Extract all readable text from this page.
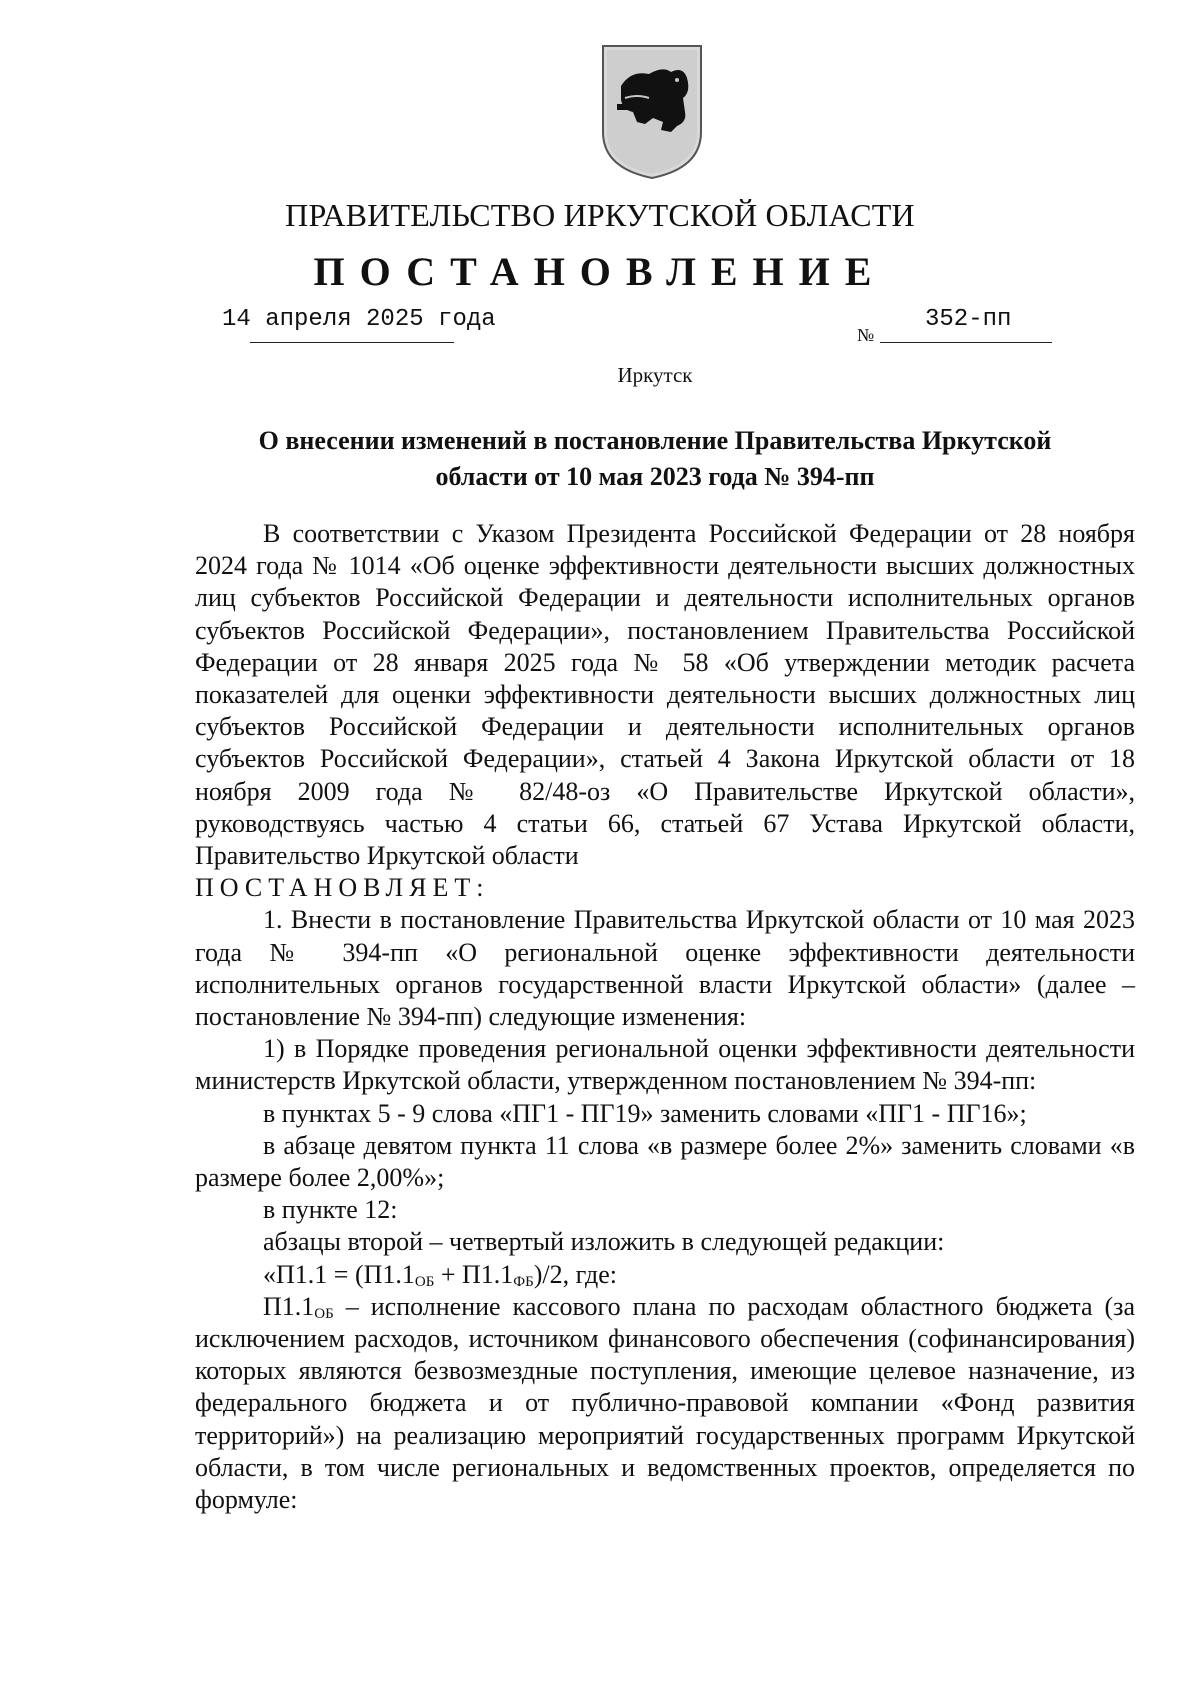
ПРАВИТЕЛЬСТВО ИРКУТСКОЙ ОБЛАСТИ
ПОСТАНОВЛЕНИЕ
14 апреля 2025 года
№
352-пп
Иркутск
О внесении изменений в постановление Правительства Иркутской
области от 10 мая 2023 года № 394-пп

В соответствии с Указом Президента Российской Федерации от 28 ноября 2024 года № 1014 «Об оценке эффективности деятельности высших должностных лиц субъектов Российской Федерации и деятельности исполнительных органов субъектов Российской Федерации», постановлением Правительства Российской Федерации от 28 января 2025 года № 58 «Об утверждении методик расчета показателей для оценки эффективности деятельности высших должностных лиц субъектов Российской Федерации и деятельности исполнительных органов субъектов Российской Федерации», статьей 4 Закона Иркутской области от 18 ноября 2009 года № 82/48-оз «О Правительстве Иркутской области», руководствуясь частью 4 статьи 66, статьей 67 Устава Иркутской области, Правительство Иркутской области

ПОСТАНОВЛЯЕТ:

1. Внести в постановление Правительства Иркутской области от 10 мая 2023 года № 394-пп «О региональной оценке эффективности деятельности исполнительных органов государственной власти Иркутской области» (далее – постановление № 394-пп) следующие изменения:

1) в Порядке проведения региональной оценки эффективности деятельности министерств Иркутской области, утвержденном постановлением № 394-пп:

в пунктах 5 - 9 слова «ПГ1 - ПГ19» заменить словами «ПГ1 - ПГ16»;

в абзаце девятом пункта 11 слова «в размере более 2%» заменить словами «в размере более 2,00%»;

в пункте 12:

абзацы второй – четвертый изложить в следующей редакции:

«$П1.1 = (П1.1_{ОБ} + П1.1_{ФБ})/2$, где:

$П1.1_{ОБ}$ – исполнение кассового плана по расходам областного бюджета (за исключением расходов, источником финансового обеспечения (софинансирования) которых являются безвозмездные поступления, имеющие целевое назначение, из федерального бюджета и от публично-правовой компании «Фонд развития территорий») на реализацию мероприятий государственных программ Иркутской области, в том числе региональных и ведомственных проектов, определяется по формуле:
